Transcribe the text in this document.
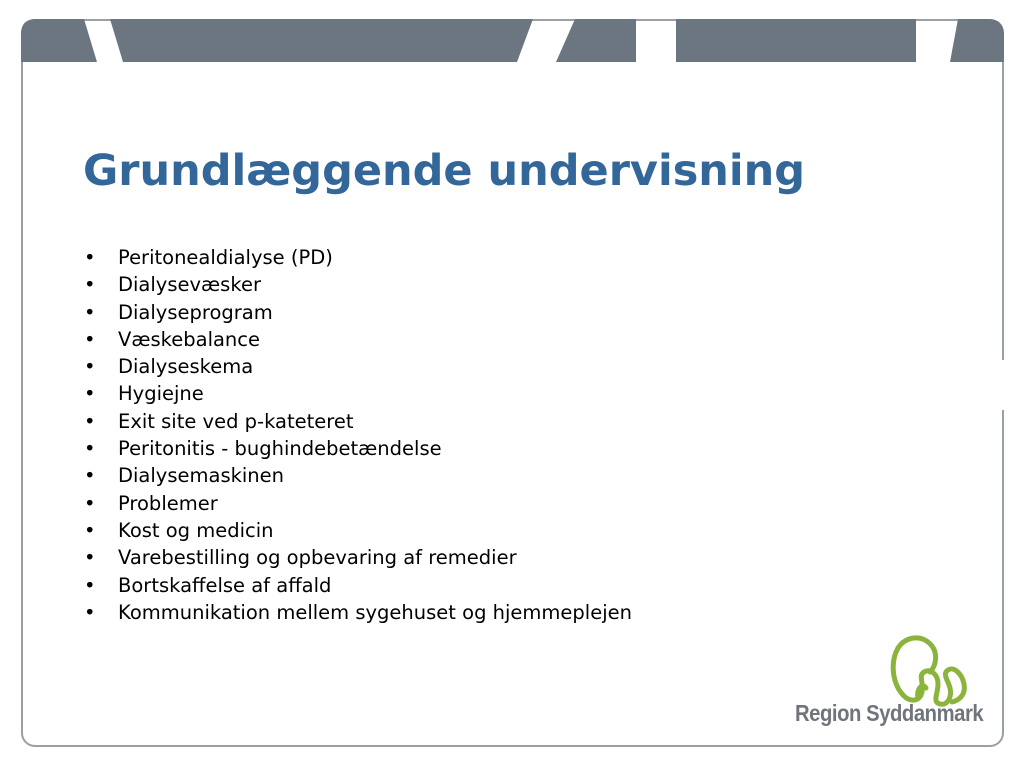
Grundlæggende undervisning
•	Peritonealdialyse (PD)
•	Dialysevæsker
•	Dialyseprogram
•	Væskebalance
•	Dialyseskema
•	Hygiejne
•	Exit site ved p-kateteret
•	Peritonitis - bughindebetændelse
•	Dialysemaskinen
•	Problemer
•	Kost og medicin
•	Varebestilling og opbevaring af remedier
•	Bortskaffelse af affald
•	Kommunikation mellem sygehuset og hjemmeplejen
Region Syddanmark
